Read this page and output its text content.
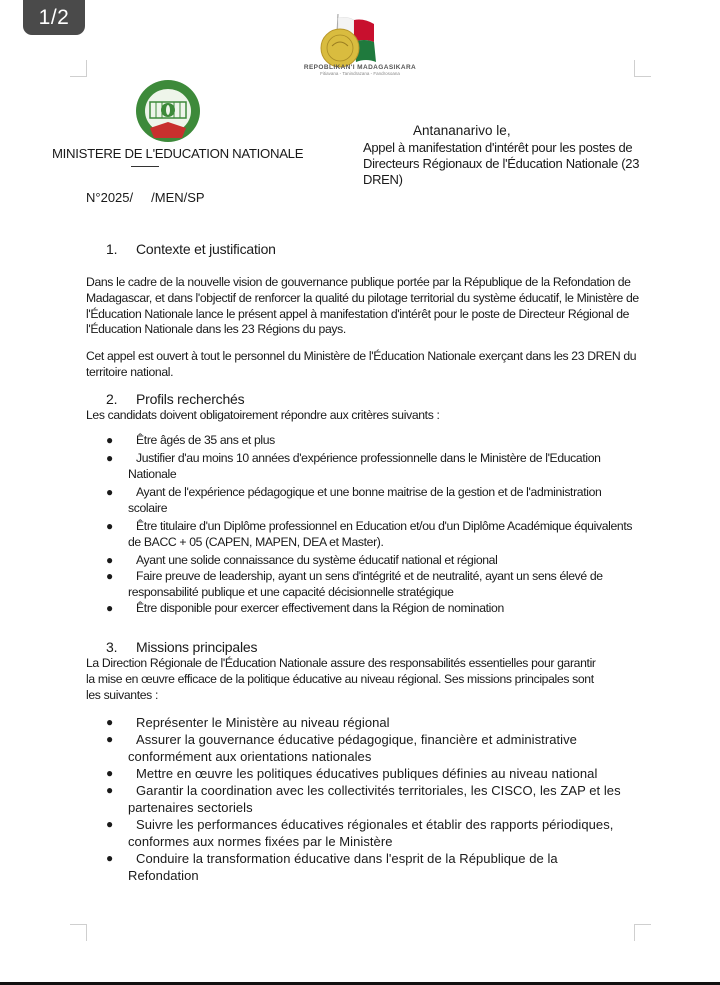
1/2
REPOBLIKAN'I MADAGASIKARA
Fitiavana - Tanindrazana - Fandrosoana
MINISTERE DE L'EDUCATION NATIONALE
N°2025/ /MEN/SP
Antananarivo le,
Appel à manifestation d'intérêt pour les postes de Directeurs Régionaux de l'Éducation Nationale (23 DREN)
1. Contexte et justification

Dans le cadre de la nouvelle vision de gouvernance publique portée par la République de la Refondation de Madagascar, et dans l'objectif de renforcer la qualité du pilotage territorial du système éducatif, le Ministère de l'Éducation Nationale lance le présent appel à manifestation d'intérêt pour le poste de Directeur Régional de l'Éducation Nationale dans les 23 Régions du pays.

Cet appel est ouvert à tout le personnel du Ministère de l'Éducation Nationale exerçant dans les 23 DREN du territoire national.

2. Profils recherchés

Les candidats doivent obligatoirement répondre aux critères suivants :

● Être âgés de 35 ans et plus
● Justifier d'au moins 10 années d'expérience professionnelle dans le Ministère de l'Education Nationale
● Ayant de l'expérience pédagogique et une bonne maitrise de la gestion et de l'administration scolaire
● Être titulaire d'un Diplôme professionnel en Education et/ou d'un Diplôme Académique équivalents de BACC + 05 (CAPEN, MAPEN, DEA et Master).
● Ayant une solide connaissance du système éducatif national et régional
● Faire preuve de leadership, ayant un sens d'intégrité et de neutralité, ayant un sens élevé de responsabilité publique et une capacité décisionnelle stratégique
● Être disponible pour exercer effectivement dans la Région de nomination
3. Missions principales

La Direction Régionale de l'Éducation Nationale assure des responsabilités essentielles pour garantir la mise en œuvre efficace de la politique éducative au niveau régional. Ses missions principales sont les suivantes :

● Représenter le Ministère au niveau régional
● Assurer la gouvernance éducative pédagogique, financière et administrative conformément aux orientations nationales
● Mettre en œuvre les politiques éducatives publiques définies au niveau national
● Garantir la coordination avec les collectivités territoriales, les CISCO, les ZAP et les partenaires sectoriels
● Suivre les performances éducatives régionales et établir des rapports périodiques, conformes aux normes fixées par le Ministère
● Conduire la transformation éducative dans l'esprit de la République de la Refondation
